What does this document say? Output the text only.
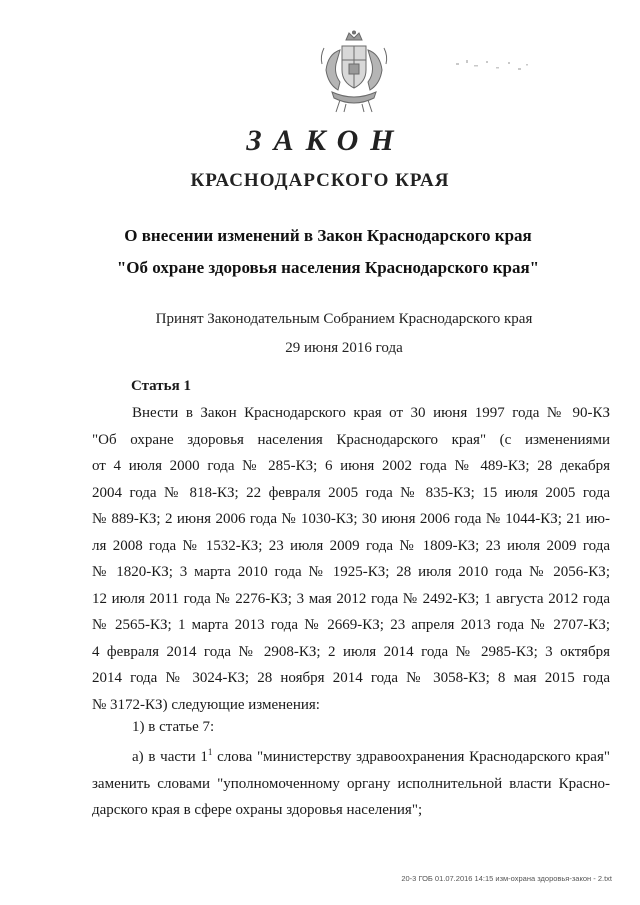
ЗАКОН
КРАСНОДАРСКОГО КРАЯ
О внесении изменений в Закон Краснодарского края
"Об охране здоровья населения Краснодарского края"
Принят Законодательным Собранием Краснодарского края
29 июня 2016 года
Статья 1
Внести в Закон Краснодарского края от 30 июня 1997 года № 90-КЗ
"Об охране здоровья населения Краснодарского края" (с изменениями
от 4 июля 2000 года № 285-КЗ; 6 июня 2002 года № 489-КЗ; 28 декабря
2004 года № 818-КЗ; 22 февраля 2005 года № 835-КЗ; 15 июля 2005 года
№ 889-КЗ; 2 июня 2006 года № 1030-КЗ; 30 июня 2006 года № 1044-КЗ; 21 ию-
ля 2008 года № 1532-КЗ; 23 июля 2009 года № 1809-КЗ; 23 июля 2009 года
№ 1820-КЗ; 3 марта 2010 года № 1925-КЗ; 28 июля 2010 года № 2056-КЗ;
12 июля 2011 года № 2276-КЗ; 3 мая 2012 года № 2492-КЗ; 1 августа 2012 года
№ 2565-КЗ; 1 марта 2013 года № 2669-КЗ; 23 апреля 2013 года № 2707-КЗ;
4 февраля 2014 года № 2908-КЗ; 2 июля 2014 года № 2985-КЗ; 3 октября
2014 года № 3024-КЗ; 28 ноября 2014 года № 3058-КЗ; 8 мая 2015 года
№ 3172-КЗ) следующие изменения:
1) в статье 7:
а) в части $1^1$ слова "министерству здравоохранения Краснодарского края"
заменить словами "уполномоченному органу исполнительной власти Красно-
дарского края в сфере охраны здоровья населения";
20-3 ГОБ 01.07.2016 14:15 изм-охрана здоровья-закон - 2.txt
